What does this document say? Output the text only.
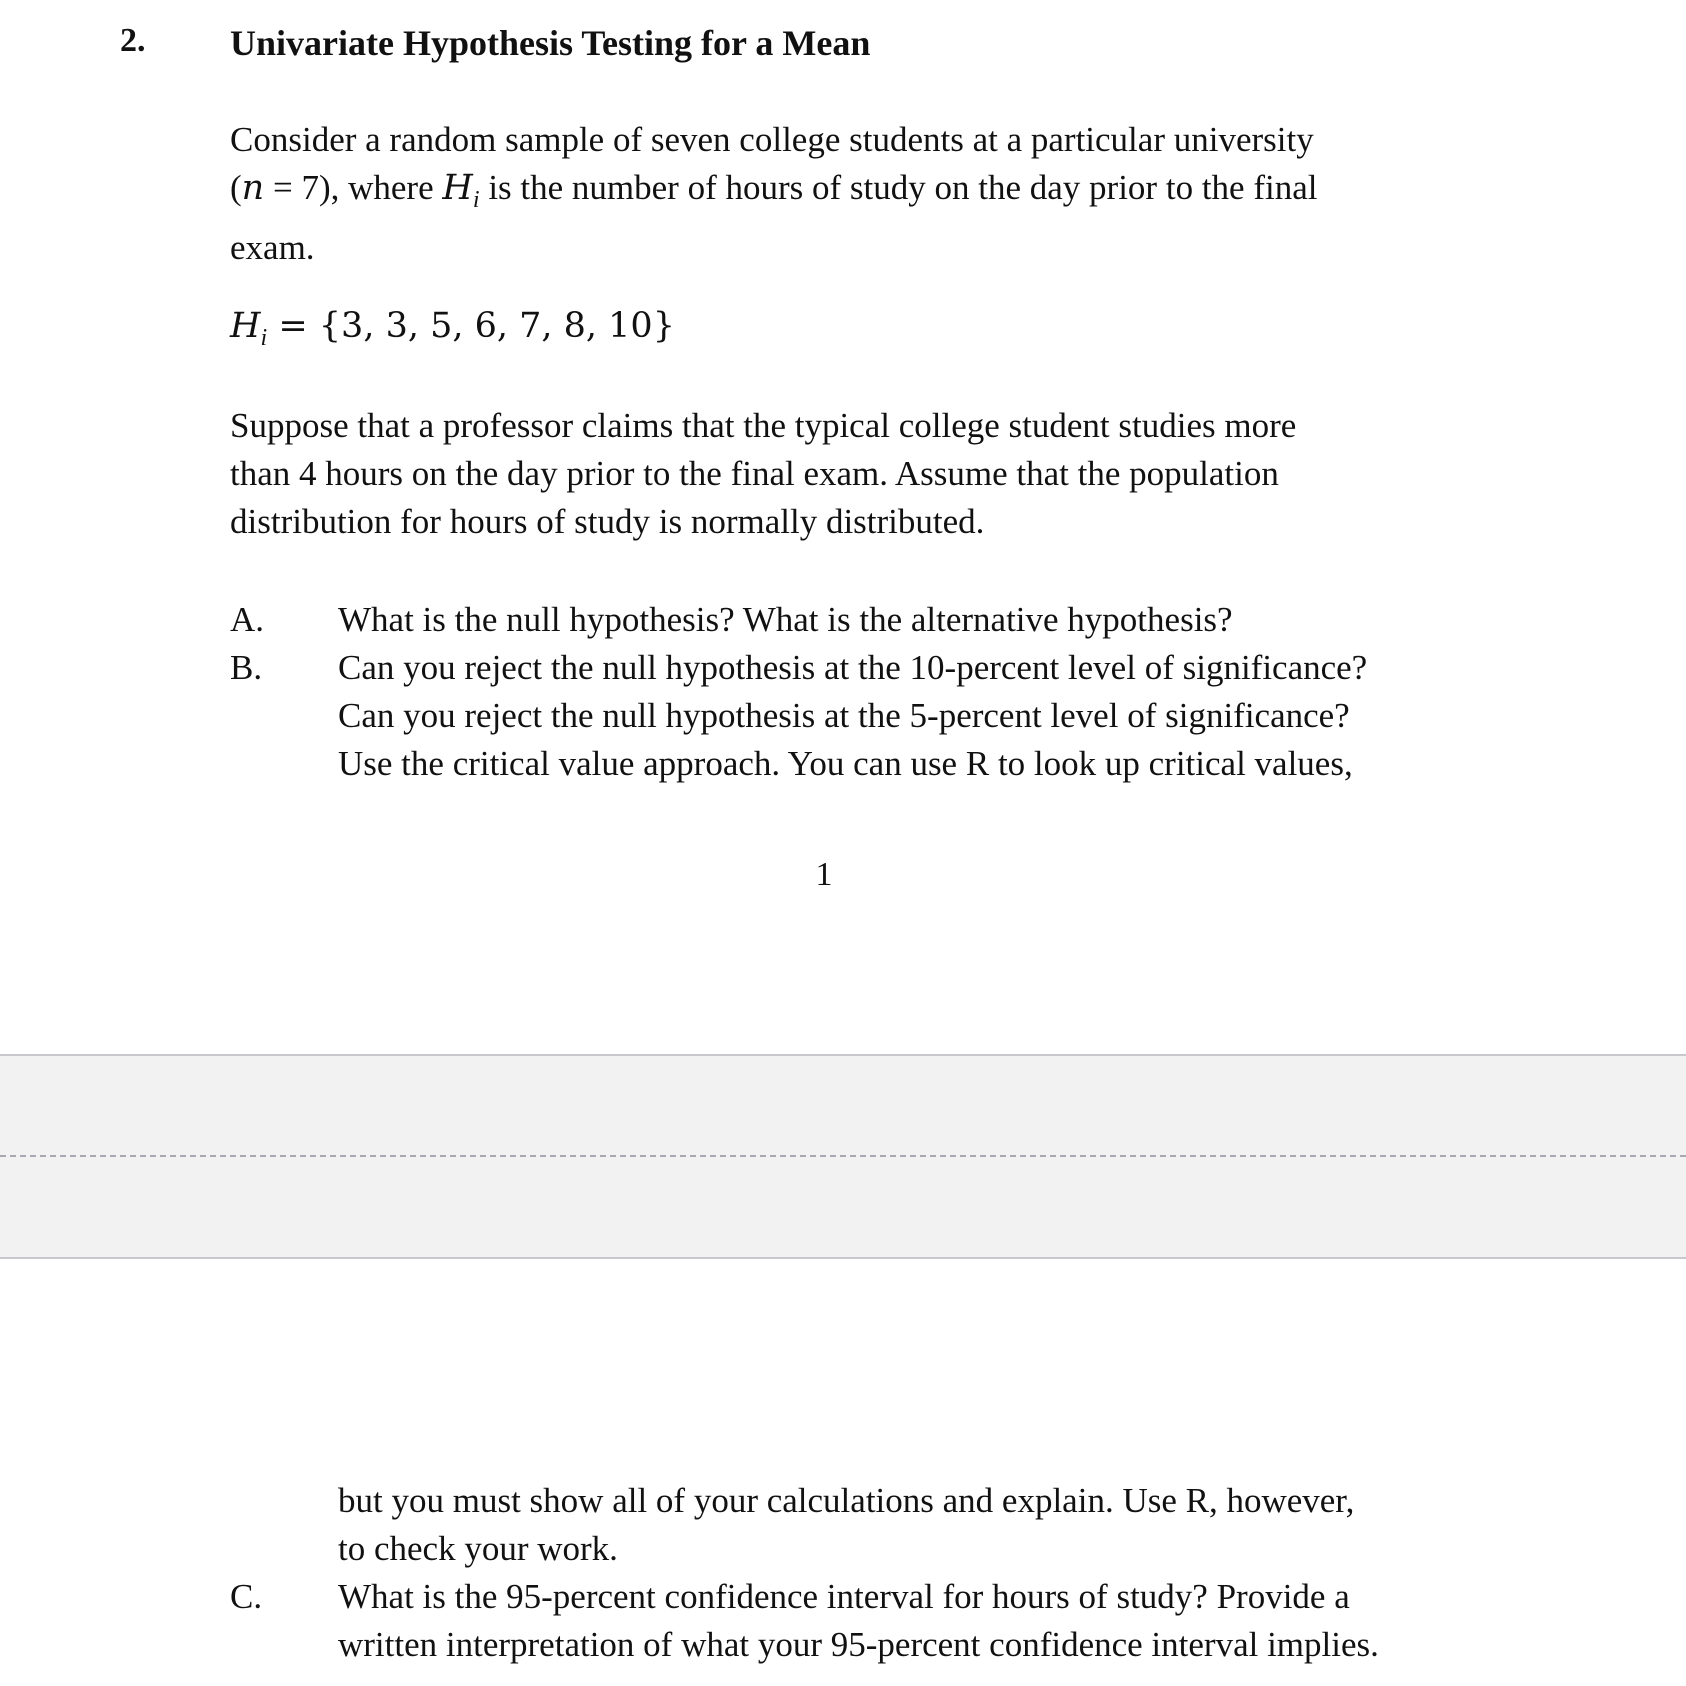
2. Univariate Hypothesis Testing for a Mean

Consider a random sample of seven college students at a particular university
(n = 7), where $H_i$ is the number of hours of study on the day prior to the final
exam.

$H_i = \{3$, 3, 5, 6, 7, 8, 10}

Suppose that a professor claims that the typical college student studies more
than 4 hours on the day prior to the final exam. Assume that the population
distribution for hours of study is normally distributed.

A. What is the null hypothesis? What is the alternative hypothesis?
B. Can you reject the null hypothesis at the 10-percent level of significance?
Can you reject the null hypothesis at the 5-percent level of significance?
Use the critical value approach. You can use R to look up critical values,
1
but you must show all of your calculations and explain. Use R, however,
to check your work.
C. What is the 95-percent confidence interval for hours of study? Provide a
written interpretation of what your 95-percent confidence interval implies.
